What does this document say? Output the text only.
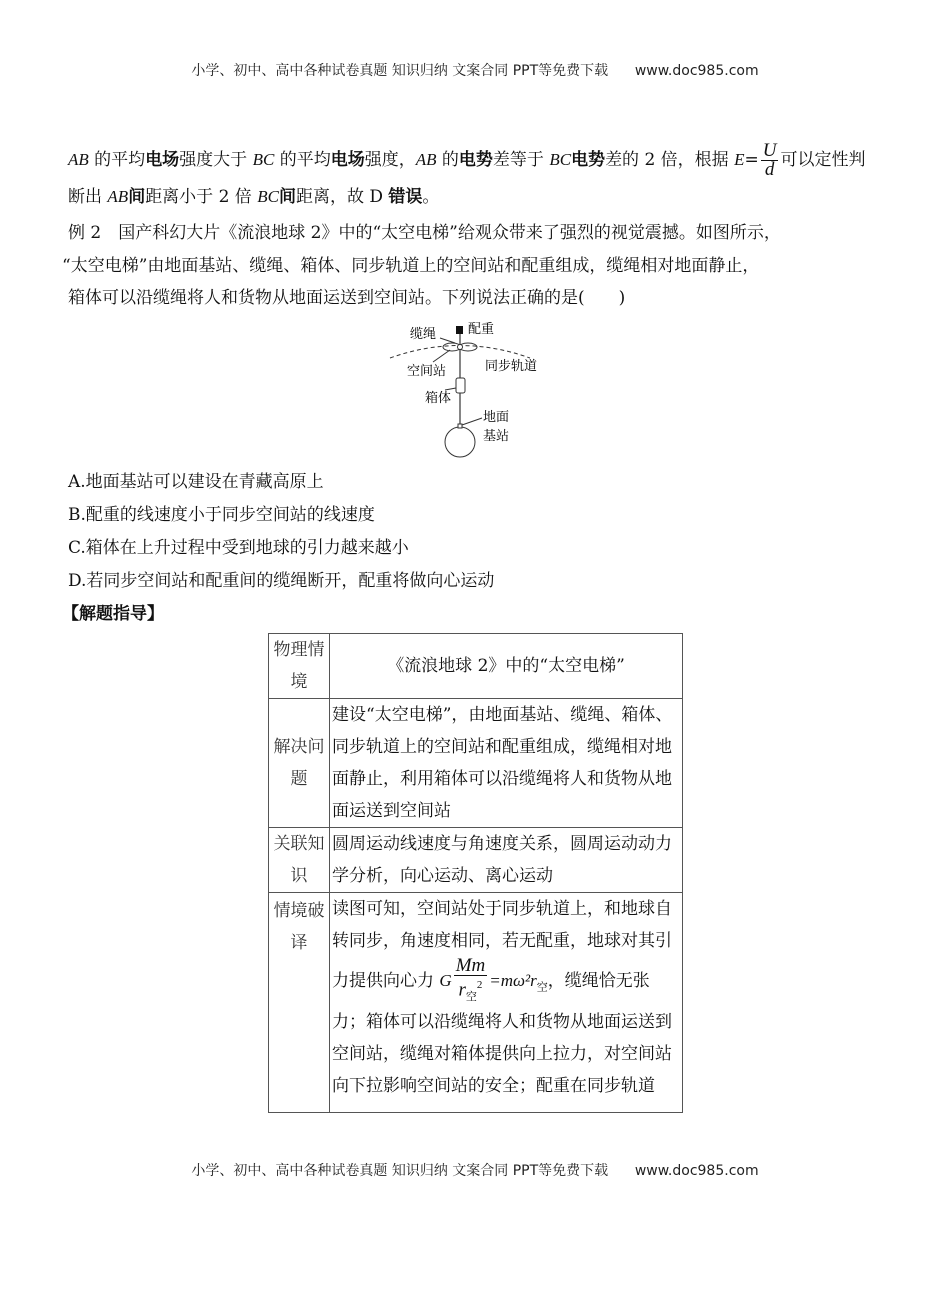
小学、初中、高中各种试卷真题 知识归纳 文案合同 PPT等免费下载      www.doc985.com
AB 的平均电场强度大于 BC 的平均电场强度，AB 的电势差等于 BC电势差的 2 倍，根据 $E= \frac{U}{d}$ 可以定性判
断出 AB间距离小于 2 倍 BC间距离，故 D 错误。
例 2　国产科幻大片《流浪地球 2》中的“太空电梯”给观众带来了强烈的视觉震撼。如图所示，
“太空电梯”由地面基站、缆绳、箱体、同步轨道上的空间站和配重组成，缆绳相对地面静止，
箱体可以沿缆绳将人和货物从地面运送到空间站。下列说法正确的是(　　)
配重
缆绳
同步轨道
空间站
箱体
地面
基站
A.地面基站可以建设在青藏高原上
B.配重的线速度小于同步空间站的线速度
C.箱体在上升过程中受到地球的引力越来越小
D.若同步空间站和配重间的缆绳断开，配重将做向心运动
【解题指导】
物理情境	《流浪地球 2》中的“太空电梯”
解决问题	建设“太空电梯”，由地面基站、缆绳、箱体、同步轨道上的空间站和配重组成，缆绳相对地面静止，利用箱体可以沿缆绳将人和货物从地面运送到空间站
关联知识	圆周运动线速度与角速度关系，圆周运动动力学分析，向心运动、离心运动
情境破译	读图可知，空间站处于同步轨道上，和地球自转同步，角速度相同，若无配重，地球对其引力提供向心力 G $\frac{Mm}{r_空^2} =m\omega^2r_空$，缆绳恰无张力；箱体可以沿缆绳将人和货物从地面运送到空间站，缆绳对箱体提供向上拉力，对空间站向下拉影响空间站的安全；配重在同步轨道
小学、初中、高中各种试卷真题 知识归纳 文案合同 PPT等免费下载      www.doc985.com
